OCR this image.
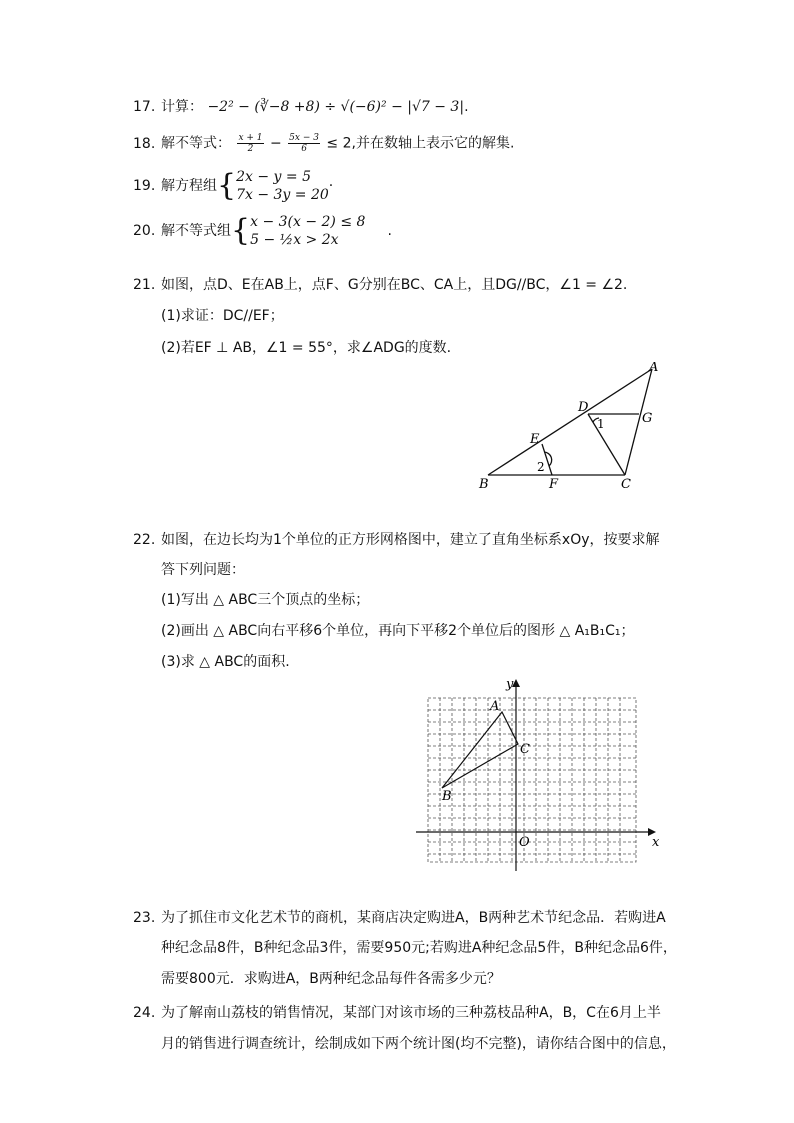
17. 计算： −2² − (∛−8 +8) ÷ √(−6)² − |√7 − 3|.
18. 解不等式： $\frac{x + 1}{2} - \frac{5x - 3}{6} \le 2$,并在数轴上表示它的解集.
19. 解方程组{ 2x − y = 5
7x − 3y = 20
·
20. 解不等式组{ x − 3(x − 2) ≤ 8
5 − ½x > 2x
.
21. 如图，点D、E在AB上，点F、G分别在BC、CA上，且DG//BC，∠1 = ∠2.
(1)求证：DC//EF；
(2)若EF ⊥ AB，∠1 = 55°，求∠ADG的度数.
A
D
G
1
E
2
B	F	C
22. 如图，在边长均为1个单位的正方形网格图中，建立了直角坐标系xOy，按要求解
答下列问题：
(1)写出 △ ABC三个顶点的坐标；
(2)画出 △ ABC向右平移6个单位，再向下平移2个单位后的图形 △ A₁B₁C₁；
(3)求 △ ABC的面积.
A
C
B
O	x
y
23. 为了抓住市文化艺术节的商机，某商店决定购进A，B两种艺术节纪念品．若购进A
种纪念品8件，B种纪念品3件，需要950元;若购进A种纪念品5件，B种纪念品6件，
需要800元．求购进A，B两种纪念品每件各需多少元？
24. 为了解南山荔枝的销售情况，某部门对该市场的三种荔枝品种A，B，C在6月上半
月的销售进行调查统计，绘制成如下两个统计图(均不完整)，请你结合图中的信息，
